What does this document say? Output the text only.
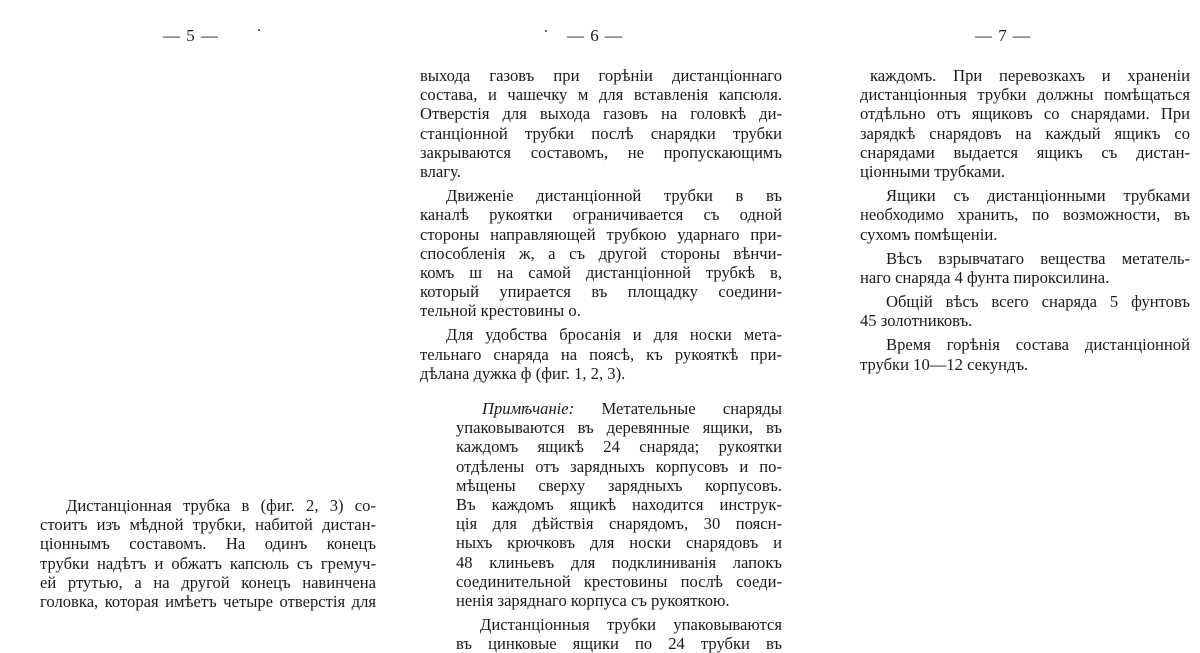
— 5 —	— 6 —	— 7 —
Дистанціонная трубка в (фиг. 2, 3) со-
стоитъ изъ мѣдной трубки, набитой дистан-
ціоннымъ составомъ. На одинъ конецъ
трубки надѣтъ и обжатъ капсюль съ гремуч-
ей ртутью, а на другой конецъ навинчена
головка, которая имѣетъ четыре отверстія для
выхода газовъ при горѣніи дистанціоннаго
состава, и чашечку м для вставленія капсюля.
Отверстія для выхода газовъ на головкѣ ди-
станціонной трубки послѣ снарядки трубки
закрываются составомъ, не пропускающимъ
влагу.
Движеніе дистанціонной трубки в въ
каналѣ рукоятки ограничивается съ одной
стороны направляющей трубкою ударнаго при-
способленія ж, а съ другой стороны вѣнчи-
комъ ш на самой дистанціонной трубкѣ в,
который упирается въ площадку соедини-
тельной крестовины о.
Для удобства бросанія и для носки мета-
тельнаго снаряда на поясѣ, къ рукояткѣ при-
дѣлана дужка ф (фиг. 1, 2, 3).
Примѣчаніе: Метательные снаряды
упаковываются въ деревянные ящики, въ
каждомъ ящикѣ 24 снаряда; рукоятки
отдѣлены отъ зарядныхъ корпусовъ и по-
мѣщены сверху зарядныхъ корпусовъ.
Въ каждомъ ящикѣ находится инструк-
ція для дѣйствія снарядомъ, 30 поясн-
ныхъ крючковъ для носки снарядовъ и
48 клиньевъ для подклиниванія лапокъ
соединительной крестовины послѣ соеди-
ненія заряднаго корпуса съ рукояткою.
Дистанціонныя трубки упаковываются
въ цинковые ящики по 24 трубки въ
каждомъ. При перевозкахъ и храненіи
дистанціонныя трубки должны помѣщаться
отдѣльно отъ ящиковъ со снарядами. При
зарядкѣ снарядовъ на каждый ящикъ со
снарядами выдается ящикъ съ дистан-
ціонными трубками.
Ящики съ дистанціонными трубками
необходимо хранить, по возможности, въ
сухомъ помѣщеніи.
Вѣсъ взрывчатаго вещества метатель-
наго снаряда 4 фунта пироксилина.
Общій вѣсъ всего снаряда 5 фунтовъ
45 золотниковъ.
Время горѣнія состава дистанціонной
трубки 10—12 секундъ.
